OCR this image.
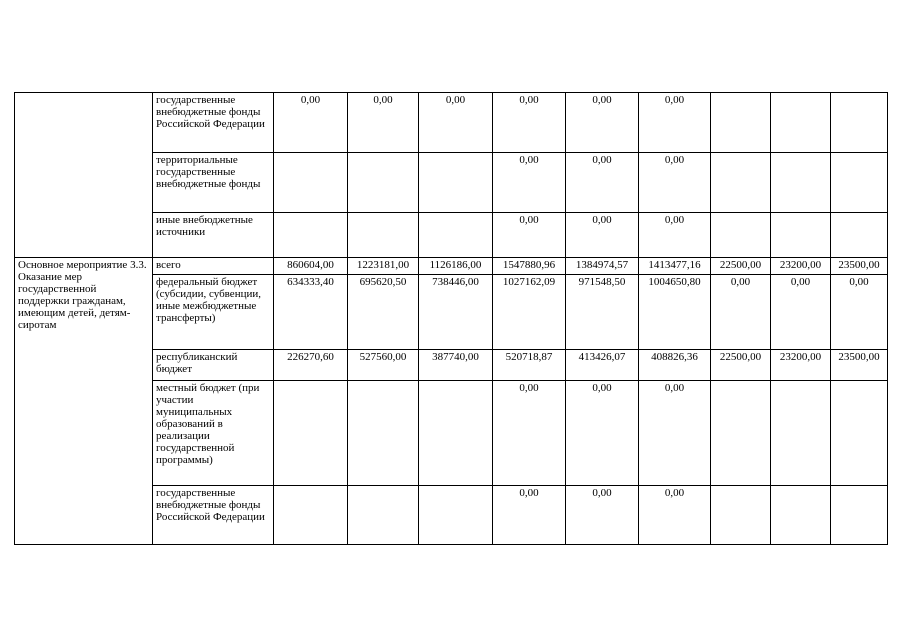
	государственные внебюджетные фонды Российской Федерации	0,00	0,00	0,00	0,00	0,00	0,00			
	территориальные государственные внебюджетные фонды				0,00	0,00	0,00			
	иные внебюджетные источники				0,00	0,00	0,00			
Основное мероприятие 3.3. Оказание мер государственной поддержки гражданам, имеющим детей, детям-сиротам	всего	860604,00	1223181,00	1126186,00	1547880,96	1384974,57	1413477,16	22500,00	23200,00	23500,00
	федеральный бюджет (субсидии, субвенции, иные межбюджетные трансферты)	634333,40	695620,50	738446,00	1027162,09	971548,50	1004650,80	0,00	0,00	0,00
	республиканский бюджет	226270,60	527560,00	387740,00	520718,87	413426,07	408826,36	22500,00	23200,00	23500,00
	местный бюджет (при участии муниципальных образований в реализации государственной программы)				0,00	0,00	0,00			
	государственные внебюджетные фонды Российской Федерации				0,00	0,00	0,00			
